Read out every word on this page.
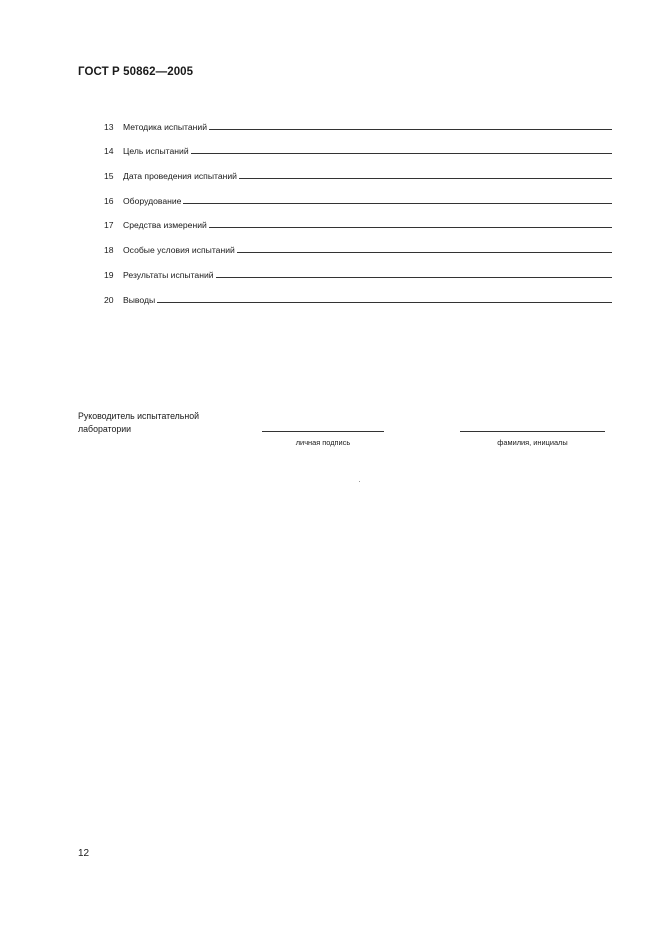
ГОСТ Р 50862—2005
13	Методика испытаний
14	Цель испытаний
15	Дата проведения испытаний
16	Оборудование
17	Средства измерений
18	Особые условия испытаний
19	Результаты испытаний
20	Выводы
Руководитель испытательной
лаборатории
личная подпись	фамилия, инициалы
12
